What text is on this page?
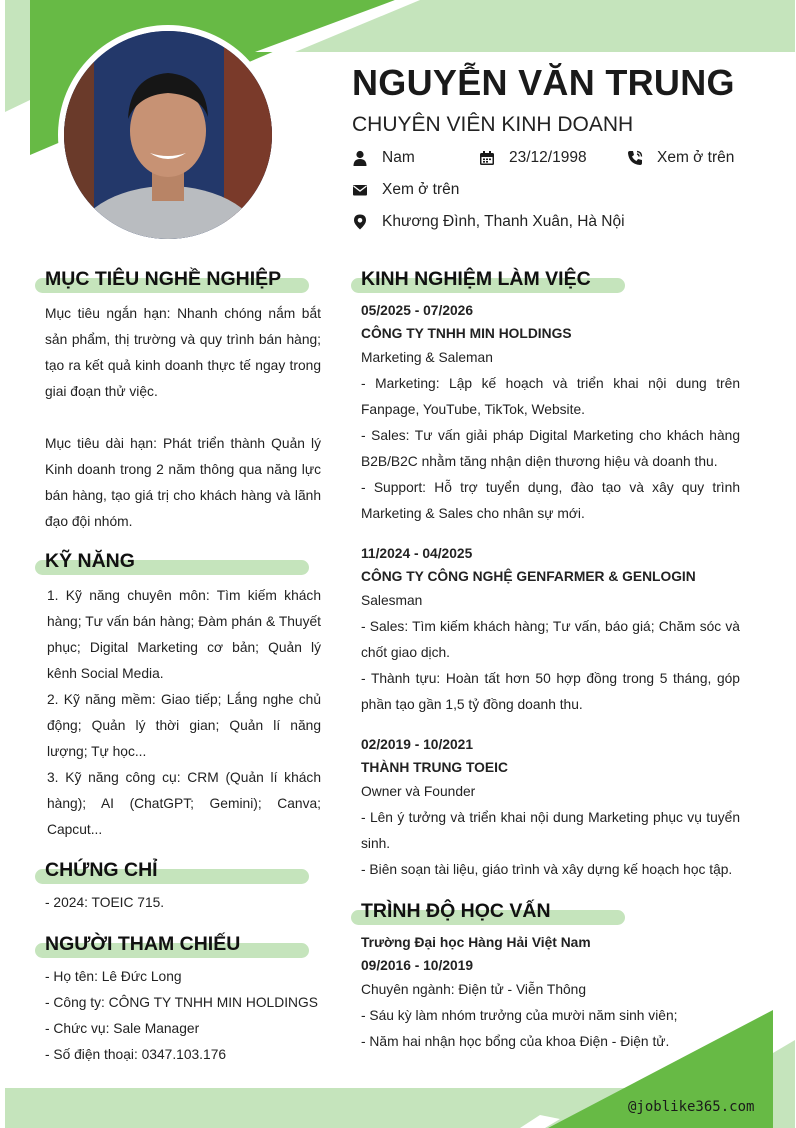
NGUYỄN VĂN TRUNG
CHUYÊN VIÊN KINH DOANH
Nam	23/12/1998	Xem ở trên
Xem ở trên
Khương Đình, Thanh Xuân, Hà Nội
MỤC TIÊU NGHỀ NGHIỆP

Mục tiêu ngắn hạn: Nhanh chóng nắm bắt sản phẩm, thị trường và quy trình bán hàng; tạo ra kết quả kinh doanh thực tế ngay trong giai đoạn thử việc.

Mục tiêu dài hạn: Phát triển thành Quản lý Kinh doanh trong 2 năm thông qua năng lực bán hàng, tạo giá trị cho khách hàng và lãnh đạo đội nhóm.

KỸ NĂNG

1. Kỹ năng chuyên môn: Tìm kiếm khách hàng; Tư vấn bán hàng; Đàm phán & Thuyết phục; Digital Marketing cơ bản; Quản lý kênh Social Media.

2. Kỹ năng mềm: Giao tiếp; Lắng nghe chủ động; Quản lý thời gian; Quản lí năng lượng; Tự học...

3. Kỹ năng công cụ: CRM (Quản lí khách hàng); AI (ChatGPT; Gemini); Canva; Capcut...

CHỨNG CHỈ
- 2024: TOEIC 715.
NGƯỜI THAM CHIẾU
- Họ tên: Lê Đức Long
- Công ty: CÔNG TY TNHH MIN HOLDINGS
- Chức vụ: Sale Manager
- Số điện thoại: 0347.103.176
KINH NGHIỆM LÀM VIỆC
05/2025 - 07/2026
CÔNG TY TNHH MIN HOLDINGS
Marketing & Saleman
- Marketing: Lập kế hoạch và triển khai nội dung trên Fanpage, YouTube, TikTok, Website.
- Sales: Tư vấn giải pháp Digital Marketing cho khách hàng B2B/B2C nhằm tăng nhận diện thương hiệu và doanh thu.
- Support: Hỗ trợ tuyển dụng, đào tạo và xây quy trình Marketing & Sales cho nhân sự mới.
11/2024 - 04/2025
CÔNG TY CÔNG NGHỆ GENFARMER & GENLOGIN
Salesman
- Sales: Tìm kiếm khách hàng; Tư vấn, báo giá; Chăm sóc và chốt giao dịch.
- Thành tựu: Hoàn tất hơn 50 hợp đồng trong 5 tháng, góp phần tạo gần 1,5 tỷ đồng doanh thu.
02/2019 - 10/2021
THÀNH TRUNG TOEIC
Owner và Founder
- Lên ý tưởng và triển khai nội dung Marketing phục vụ tuyển sinh.
- Biên soạn tài liệu, giáo trình và xây dựng kế hoạch học tập.
TRÌNH ĐỘ HỌC VẤN
Trường Đại học Hàng Hải Việt Nam
09/2016 - 10/2019
Chuyên ngành: Điện tử - Viễn Thông
- Sáu kỳ làm nhóm trưởng của mười năm sinh viên;
- Năm hai nhận học bổng của khoa Điện - Điện tử.
@joblike365.com
